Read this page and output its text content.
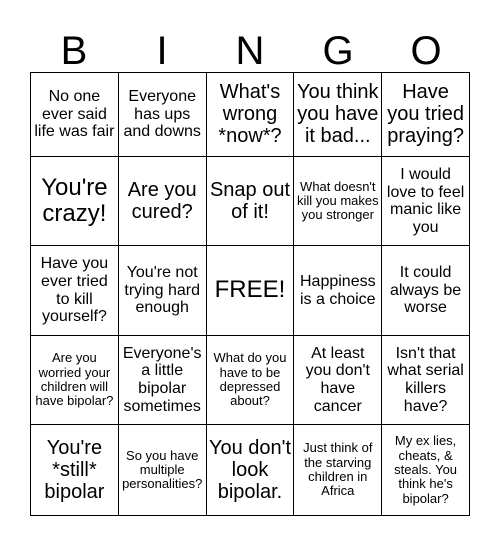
B	I	N	G	O
No one ever said life was fair	Everyone has ups and downs	What's wrong *now*?	You think you have it bad...	Have you tried praying?
You're crazy!	Are you cured?	Snap out of it!	What doesn't kill you makes you stronger	I would love to feel manic like you
Have you ever tried to kill yourself?	You're not trying hard enough	FREE!	Happiness is a choice	It could always be worse
Are you worried your children will have bipolar?	Everyone's a little bipolar sometimes	What do you have to be depressed about?	At least you don't have cancer	Isn't that what serial killers have?
You're *still* bipolar	So you have multiple personalities?	You don't look bipolar.	Just think of the starving children in Africa	My ex lies, cheats, & steals. You think he's bipolar?
